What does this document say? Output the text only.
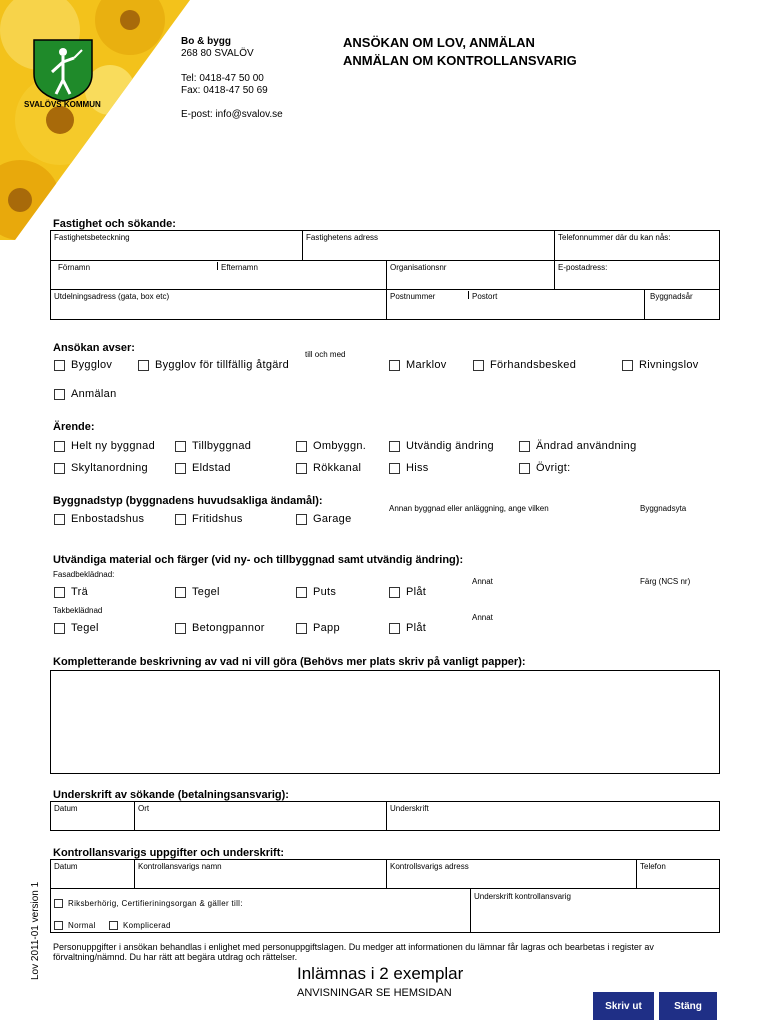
SVALÖVS KOMMUN
Bo & bygg
268 80 SVALÖV
Tel: 0418-47 50 00
Fax: 0418-47 50 69
E-post: info@svalov.se
ANSÖKAN OM LOV, ANMÄLAN
ANMÄLAN OM KONTROLLANSVARIG
Fastighet och sökande:
Fastighetsbeteckning	Fastighetens adress	Telefonnummer där du kan nås:
Förnamn	Efternamn	Organisationsnr	E-postadress:
Utdelningsadress (gata, box etc)	Postnummer	Postort	Byggnadsår
Ansökan avser:
till och med
Bygglov	Bygglov för tillfällig åtgärd	Marklov	Förhandsbesked	Rivningslov
Anmälan
Ärende:
Helt ny byggnad	Tillbyggnad	Ombyggn.	Utvändig ändring	Ändrad användning
Skyltanordning	Eldstad	Rökkanal	Hiss	Övrigt:
Byggnadstyp (byggnadens huvudsakliga ändamål):
Annan byggnad eller anläggning, ange vilken	Byggnadsyta
Enbostadshus	Fritidshus	Garage
Utvändiga material och färger (vid ny- och tillbyggnad samt utvändig ändring):
Fasadbeklädnad:
Annat	Färg (NCS nr)
Trä	Tegel	Puts	Plåt
Takbeklädnad
Annat
Tegel	Betongpannor	Papp	Plåt
Kompletterande beskrivning av vad ni vill göra (Behövs mer plats skriv på vanligt papper):
Underskrift av sökande (betalningsansvarig):
Datum	Ort	Underskrift
Kontrollansvarigs uppgifter och underskrift:
Datum	Kontrollansvarigs namn	Kontrollsvarigs adress	Telefon
Riksberhörig, Certifieriningsorgan & gäller till:
Underskrift kontrollansvarig
Normal	Komplicerad
Personuppgifter i ansökan behandlas i enlighet med personuppgiftslagen. Du medger att informationen du lämnar får lagras och bearbetas i register av förvaltning/nämnd. Du har rätt att begära utdrag och rättelser.
Inlämnas i 2 exemplar
ANVISNINGAR SE HEMSIDAN
Skriv ut	Stäng
Lov 2011-01 version 1
